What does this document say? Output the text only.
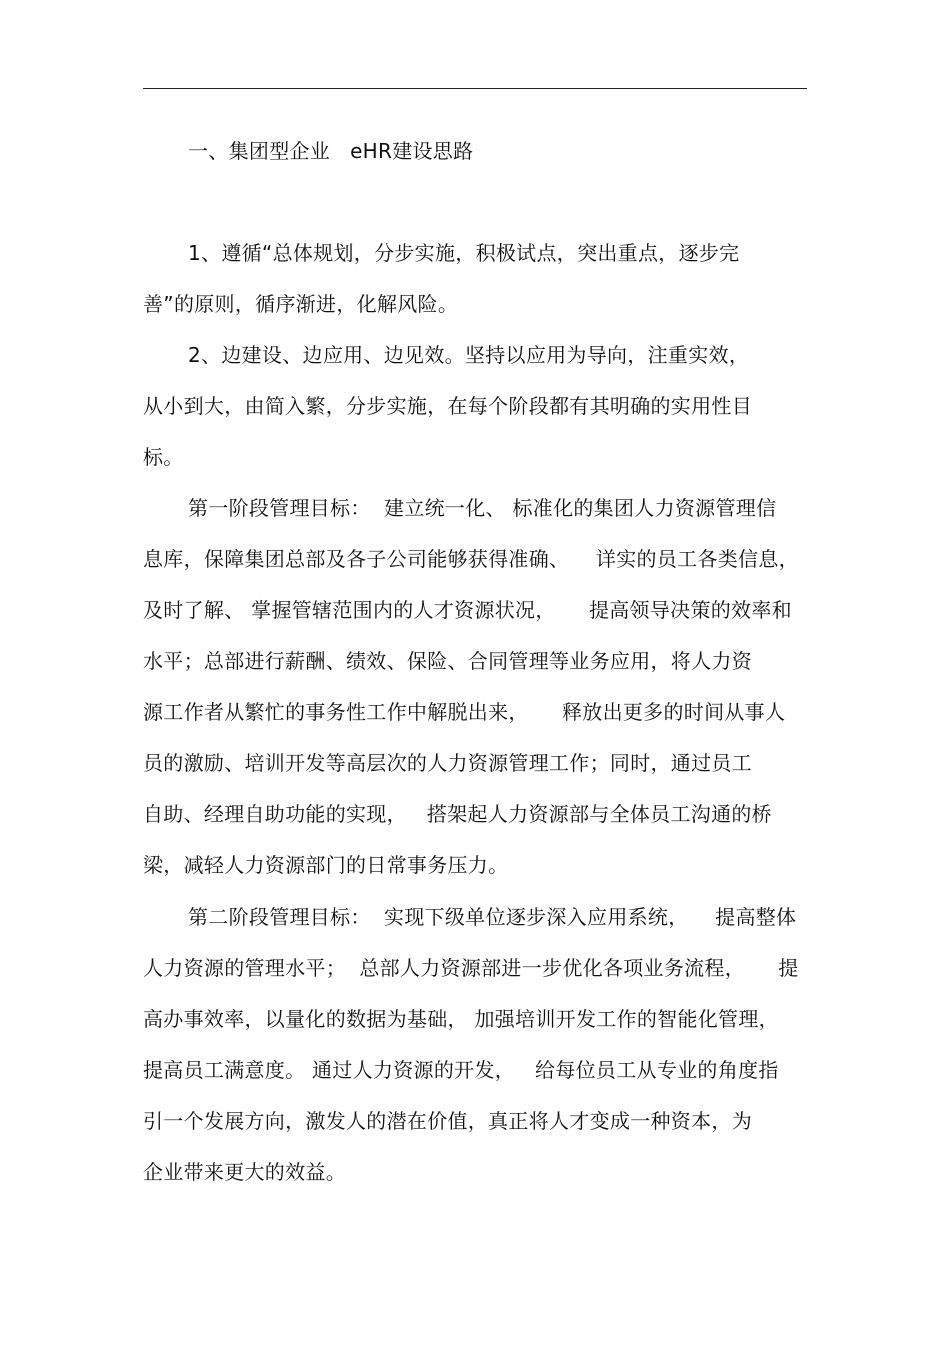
一、集团型企业   eHR建设思路
1、遵循“总体规划，分步实施，积极试点，突出重点，逐步完
善”的原则，循序渐进，化解风险。
2、边建设、边应用、边见效。坚持以应用为导向，注重实效，
从小到大，由简入繁，分步实施，在每个阶段都有其明确的实用性目
标。
第一阶段管理目标：  建立统一化、 标准化的集团人力资源管理信
息库，保障集团总部及各子公司能够获得准确、    详实的员工各类信息，
及时了解、 掌握管辖范围内的人才资源状况，     提高领导决策的效率和
水平；总部进行薪酬、绩效、保险、合同管理等业务应用，将人力资
源工作者从繁忙的事务性工作中解脱出来，     释放出更多的时间从事人
员的激励、培训开发等高层次的人力资源管理工作；同时，通过员工
自助、经理自助功能的实现，   搭架起人力资源部与全体员工沟通的桥
梁，减轻人力资源部门的日常事务压力。
第二阶段管理目标：  实现下级单位逐步深入应用系统，    提高整体
人力资源的管理水平；  总部人力资源部进一步优化各项业务流程，     提
高办事效率，以量化的数据为基础， 加强培训开发工作的智能化管理，
提高员工满意度。 通过人力资源的开发，   给每位员工从专业的角度指
引一个发展方向，激发人的潜在价值，真正将人才变成一种资本，为
企业带来更大的效益。
